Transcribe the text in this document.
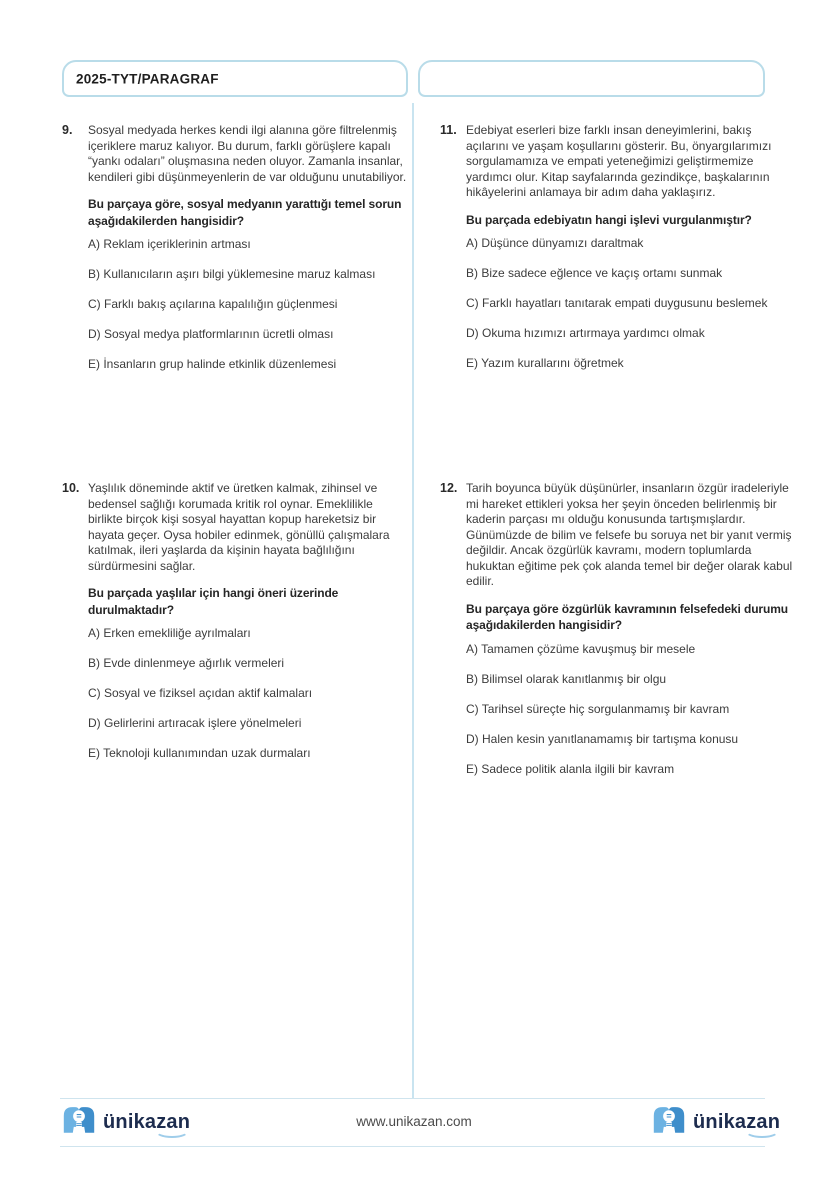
2025-TYT/PARAGRAF
9.	Sosyal medyada herkes kendi ilgi alanına göre filtrelenmiş içeriklere maruz kalıyor. Bu durum, farklı görüşlere kapalı “yankı odaları” oluşmasına neden oluyor. Zamanla insanlar, kendileri gibi düşünmeyenlerin de var olduğunu unutabiliyor.

Bu parçaya göre, sosyal medyanın yarattığı temel sorun aşağıdakilerden hangisidir?

A) Reklam içeriklerinin artması
B) Kullanıcıların aşırı bilgi yüklemesine maruz kalması
C) Farklı bakış açılarına kapalılığın güçlenmesi
D) Sosyal medya platformlarının ücretli olması
E) İnsanların grup halinde etkinlik düzenlemesi
10. Yaşlılık döneminde aktif ve üretken kalmak, zihinsel ve bedensel sağlığı korumada kritik rol oynar. Emeklilikle birlikte birçok kişi sosyal hayattan kopup hareketsiz bir hayata geçer. Oysa hobiler edinmek, gönüllü çalışmalara katılmak, ileri yaşlarda da kişinin hayata bağlılığını sürdürmesini sağlar.

Bu parçada yaşlılar için hangi öneri üzerinde durulmaktadır?

A) Erken emekliliğe ayrılmaları
B) Evde dinlenmeye ağırlık vermeleri
C) Sosyal ve fiziksel açıdan aktif kalmaları
D) Gelirlerini artıracak işlere yönelmeleri
E) Teknoloji kullanımından uzak durmaları
11. Edebiyat eserleri bize farklı insan deneyimlerini, bakış açılarını ve yaşam koşullarını gösterir. Bu, önyargılarımızı sorgulamamıza ve empati yeteneğimizi geliştirmemize yardımcı olur. Kitap sayfalarında gezindikçe, başkalarının hikâyelerini anlamaya bir adım daha yaklaşırız.

Bu parçada edebiyatın hangi işlevi vurgulanmıştır?

A) Düşünce dünyamızı daraltmak
B) Bize sadece eğlence ve kaçış ortamı sunmak
C) Farklı hayatları tanıtarak empati duygusunu beslemek
D) Okuma hızımızı artırmaya yardımcı olmak
E) Yazım kurallarını öğretmek
12. Tarih boyunca büyük düşünürler, insanların özgür iradeleriyle mi hareket ettikleri yoksa her şeyin önceden belirlenmiş bir kaderin parçası mı olduğu konusunda tartışmışlardır. Günümüzde de bilim ve felsefe bu soruya net bir yanıt vermiş değildir. Ancak özgürlük kavramı, modern toplumlarda hukuktan eğitime pek çok alanda temel bir değer olarak kabul edilir.

Bu parçaya göre özgürlük kavramının felsefedeki durumu aşağıdakilerden hangisidir?

A) Tamamen çözüme kavuşmuş bir mesele
B) Bilimsel olarak kanıtlanmış bir olgu
C) Tarihsel süreçte hiç sorgulanmamış bir kavram
D) Halen kesin yanıtlanamamış bir tartışma konusu
E) Sadece politik alanla ilgili bir kavram
ünikazan	www.unikazan.com	ünikazan
